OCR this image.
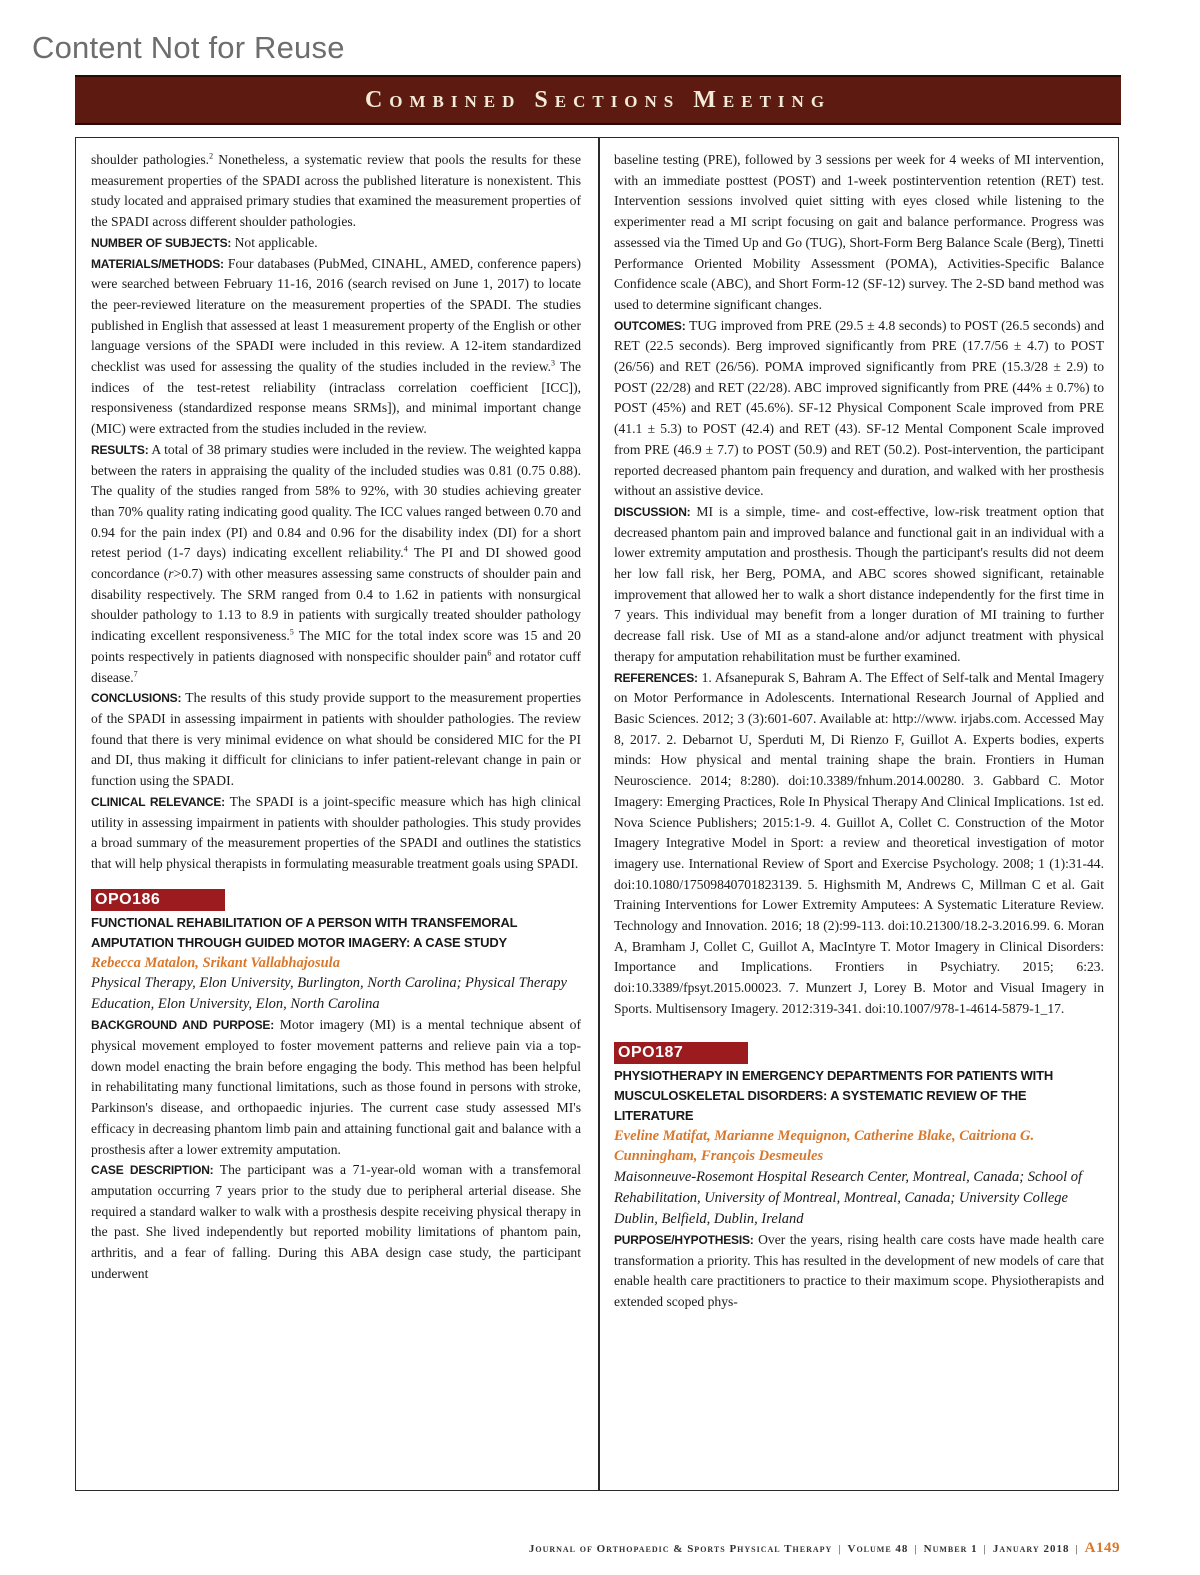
Content Not for Reuse
Combined Sections Meeting

shoulder pathologies.$^2$ Nonetheless, a systematic review that pools the results for these measurement properties of the SPADI across the published literature is nonexistent. This study located and appraised primary studies that examined the measurement properties of the SPADI across different shoulder pathologies.

NUMBER OF SUBJECTS: Not applicable.

MATERIALS/METHODS: Four databases (PubMed, CINAHL, AMED, conference papers) were searched between February 11-16, 2016 (search revised on June 1, 2017) to locate the peer-reviewed literature on the measurement properties of the SPADI. The studies published in English that assessed at least 1 measurement property of the English or other language versions of the SPADI were included in this review. A 12-item standardized checklist was used for assessing the quality of the studies included in the review.$^3$ The indices of the test-retest reliability (intraclass correlation coefficient [ICC]), responsiveness (standardized response means SRMs]), and minimal important change (MIC) were extracted from the studies included in the review.

RESULTS: A total of 38 primary studies were included in the review. The weighted kappa between the raters in appraising the quality of the included studies was 0.81 (0.75 0.88). The quality of the studies ranged from 58% to 92%, with 30 studies achieving greater than 70% quality rating indicating good quality. The ICC values ranged between 0.70 and 0.94 for the pain index (PI) and 0.84 and 0.96 for the disability index (DI) for a short retest period (1-7 days) indicating excellent reliability.$^4$ The PI and DI showed good concordance (r>0.7) with other measures assessing same constructs of shoulder pain and disability respectively. The SRM ranged from 0.4 to 1.62 in patients with nonsurgical shoulder pathology to 1.13 to 8.9 in patients with surgically treated shoulder pathology indicating excellent responsiveness.$^5$ The MIC for the total index score was 15 and 20 points respectively in patients diagnosed with nonspecific shoulder pain$^6$ and rotator cuff disease.$^7$

CONCLUSIONS: The results of this study provide support to the measurement properties of the SPADI in assessing impairment in patients with shoulder pathologies. The review found that there is very minimal evidence on what should be considered MIC for the PI and DI, thus making it difficult for clinicians to infer patient-relevant change in pain or function using the SPADI.

CLINICAL RELEVANCE: The SPADI is a joint-specific measure which has high clinical utility in assessing impairment in patients with shoulder pathologies. This study provides a broad summary of the measurement properties of the SPADI and outlines the statistics that will help physical therapists in formulating measurable treatment goals using SPADI.

OPO186

FUNCTIONAL REHABILITATION OF A PERSON WITH TRANSFEMORAL AMPUTATION THROUGH GUIDED MOTOR IMAGERY: A CASE STUDY

Rebecca Matalon, Srikant Vallabhajosula

Physical Therapy, Elon University, Burlington, North Carolina; Physical Therapy Education, Elon University, Elon, North Carolina

BACKGROUND AND PURPOSE: Motor imagery (MI) is a mental technique absent of physical movement employed to foster movement patterns and relieve pain via a top-down model enacting the brain before engaging the body. This method has been helpful in rehabilitating many functional limitations, such as those found in persons with stroke, Parkinson's disease, and orthopaedic injuries. The current case study assessed MI's efficacy in decreasing phantom limb pain and attaining functional gait and balance with a prosthesis after a lower extremity amputation.

CASE DESCRIPTION: The participant was a 71-year-old woman with a transfemoral amputation occurring 7 years prior to the study due to peripheral arterial disease. She required a standard walker to walk with a prosthesis despite receiving physical therapy in the past. She lived independently but reported mobility limitations of phantom pain, arthritis, and a fear of falling. During this ABA design case study, the participant underwent

baseline testing (PRE), followed by 3 sessions per week for 4 weeks of MI intervention, with an immediate posttest (POST) and 1-week postintervention retention (RET) test. Intervention sessions involved quiet sitting with eyes closed while listening to the experimenter read a MI script focusing on gait and balance performance. Progress was assessed via the Timed Up and Go (TUG), Short-Form Berg Balance Scale (Berg), Tinetti Performance Oriented Mobility Assessment (POMA), Activities-Specific Balance Confidence scale (ABC), and Short Form-12 (SF-12) survey. The 2-SD band method was used to determine significant changes.

OUTCOMES: TUG improved from PRE (29.5 ± 4.8 seconds) to POST (26.5 seconds) and RET (22.5 seconds). Berg improved significantly from PRE (17.7/56 ± 4.7) to POST (26/56) and RET (26/56). POMA improved significantly from PRE (15.3/28 ± 2.9) to POST (22/28) and RET (22/28). ABC improved significantly from PRE (44% ± 0.7%) to POST (45%) and RET (45.6%). SF-12 Physical Component Scale improved from PRE (41.1 ± 5.3) to POST (42.4) and RET (43). SF-12 Mental Component Scale improved from PRE (46.9 ± 7.7) to POST (50.9) and RET (50.2). Post-intervention, the participant reported decreased phantom pain frequency and duration, and walked with her prosthesis without an assistive device.

DISCUSSION: MI is a simple, time- and cost-effective, low-risk treatment option that decreased phantom pain and improved balance and functional gait in an individual with a lower extremity amputation and prosthesis. Though the participant's results did not deem her low fall risk, her Berg, POMA, and ABC scores showed significant, retainable improvement that allowed her to walk a short distance independently for the first time in 7 years. This individual may benefit from a longer duration of MI training to further decrease fall risk. Use of MI as a stand-alone and/or adjunct treatment with physical therapy for amputation rehabilitation must be further examined.

REFERENCES: 1. Afsanepurak S, Bahram A. The Effect of Self-talk and Mental Imagery on Motor Performance in Adolescents. International Research Journal of Applied and Basic Sciences. 2012; 3 (3):601-607. Available at: http://www. irjabs.com. Accessed May 8, 2017. 2. Debarnot U, Sperduti M, Di Rienzo F, Guillot A. Experts bodies, experts minds: How physical and mental training shape the brain. Frontiers in Human Neuroscience. 2014; 8:280). doi:10.3389/fnhum.2014.00280. 3. Gabbard C. Motor Imagery: Emerging Practices, Role In Physical Therapy And Clinical Implications. 1st ed. Nova Science Publishers; 2015:1-9. 4. Guillot A, Collet C. Construction of the Motor Imagery Integrative Model in Sport: a review and theoretical investigation of motor imagery use. International Review of Sport and Exercise Psychology. 2008; 1 (1):31-44. doi:10.1080/17509840701823139. 5. Highsmith M, Andrews C, Millman C et al. Gait Training Interventions for Lower Extremity Amputees: A Systematic Literature Review. Technology and Innovation. 2016; 18 (2):99-113. doi:10.21300/18.2-3.2016.99. 6. Moran A, Bramham J, Collet C, Guillot A, MacIntyre T. Motor Imagery in Clinical Disorders: Importance and Implications. Frontiers in Psychiatry. 2015; 6:23. doi:10.3389/fpsyt.2015.00023. 7. Munzert J, Lorey B. Motor and Visual Imagery in Sports. Multisensory Imagery. 2012:319-341. doi:10.1007/978-1-4614-5879-1_17.

OPO187

PHYSIOTHERAPY IN EMERGENCY DEPARTMENTS FOR PATIENTS WITH MUSCULOSKELETAL DISORDERS: A SYSTEMATIC REVIEW OF THE LITERATURE

Eveline Matifat, Marianne Mequignon, Catherine Blake, Caitriona G. Cunningham, François Desmeules

Maisonneuve-Rosemont Hospital Research Center, Montreal, Canada; School of Rehabilitation, University of Montreal, Montreal, Canada; University College Dublin, Belfield, Dublin, Ireland

PURPOSE/HYPOTHESIS: Over the years, rising health care costs have made health care transformation a priority. This has resulted in the development of new models of care that enable health care practitioners to practice to their maximum scope. Physiotherapists and extended scoped phys-

Journal of Orthopaedic & Sports Physical Therapy | Volume 48 | Number 1 | January 2018 | A149
